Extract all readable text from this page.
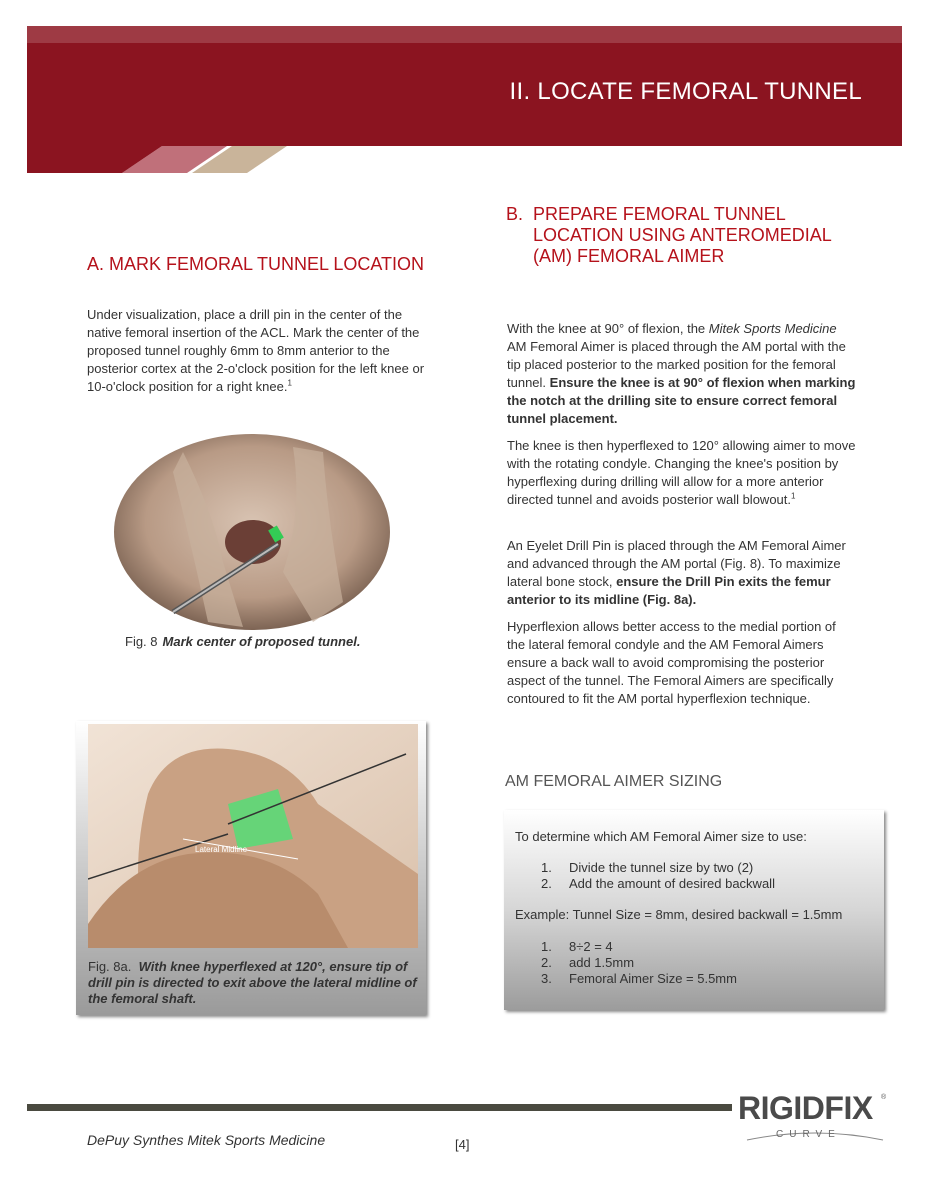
II. LOCATE FEMORAL TUNNEL
A. MARK FEMORAL TUNNEL LOCATION
Under visualization, place a drill pin in the center of the native femoral insertion of the ACL. Mark the center of the proposed tunnel roughly 6mm to 8mm anterior to the posterior cortex at the 2-o'clock position for the left knee or 10-o'clock position for a right knee.$^1$
Fig. 8 Mark center of proposed tunnel.
Lateral Midline
Fig. 8a. With knee hyperflexed at 120°, ensure tip of drill pin is directed to exit above the lateral midline of the femoral shaft.
B. PREPARE FEMORAL TUNNEL
LOCATION USING ANTEROMEDIAL
(AM) FEMORAL AIMER
With the knee at 90° of flexion, the Mitek Sports Medicine AM Femoral Aimer is placed through the AM portal with the tip placed posterior to the marked position for the femoral tunnel. Ensure the knee is at 90° of flexion when marking the notch at the drilling site to ensure correct femoral tunnel placement.
The knee is then hyperflexed to 120° allowing aimer to move with the rotating condyle. Changing the knee's position by hyperflexing during drilling will allow for a more anterior directed tunnel and avoids posterior wall blowout.$^1$
An Eyelet Drill Pin is placed through the AM Femoral Aimer and advanced through the AM portal (Fig. 8). To maximize lateral bone stock, ensure the Drill Pin exits the femur anterior to its midline (Fig. 8a).
Hyperflexion allows better access to the medial portion of the lateral femoral condyle and the AM Femoral Aimers ensure a back wall to avoid compromising the posterior aspect of the tunnel. The Femoral Aimers are specifically contoured to fit the AM portal hyperflexion technique.
AM FEMORAL AIMER SIZING
To determine which AM Femoral Aimer size to use:
1.	Divide the tunnel size by two (2)
2.	Add the amount of desired backwall
Example: Tunnel Size = 8mm, desired backwall = 1.5mm
1.	8÷2 = 4
2.	add 1.5mm
3.	Femoral Aimer Size = 5.5mm
DePuy Synthes Mitek Sports Medicine	[4]
RIGIDFIX ®
CURVE
